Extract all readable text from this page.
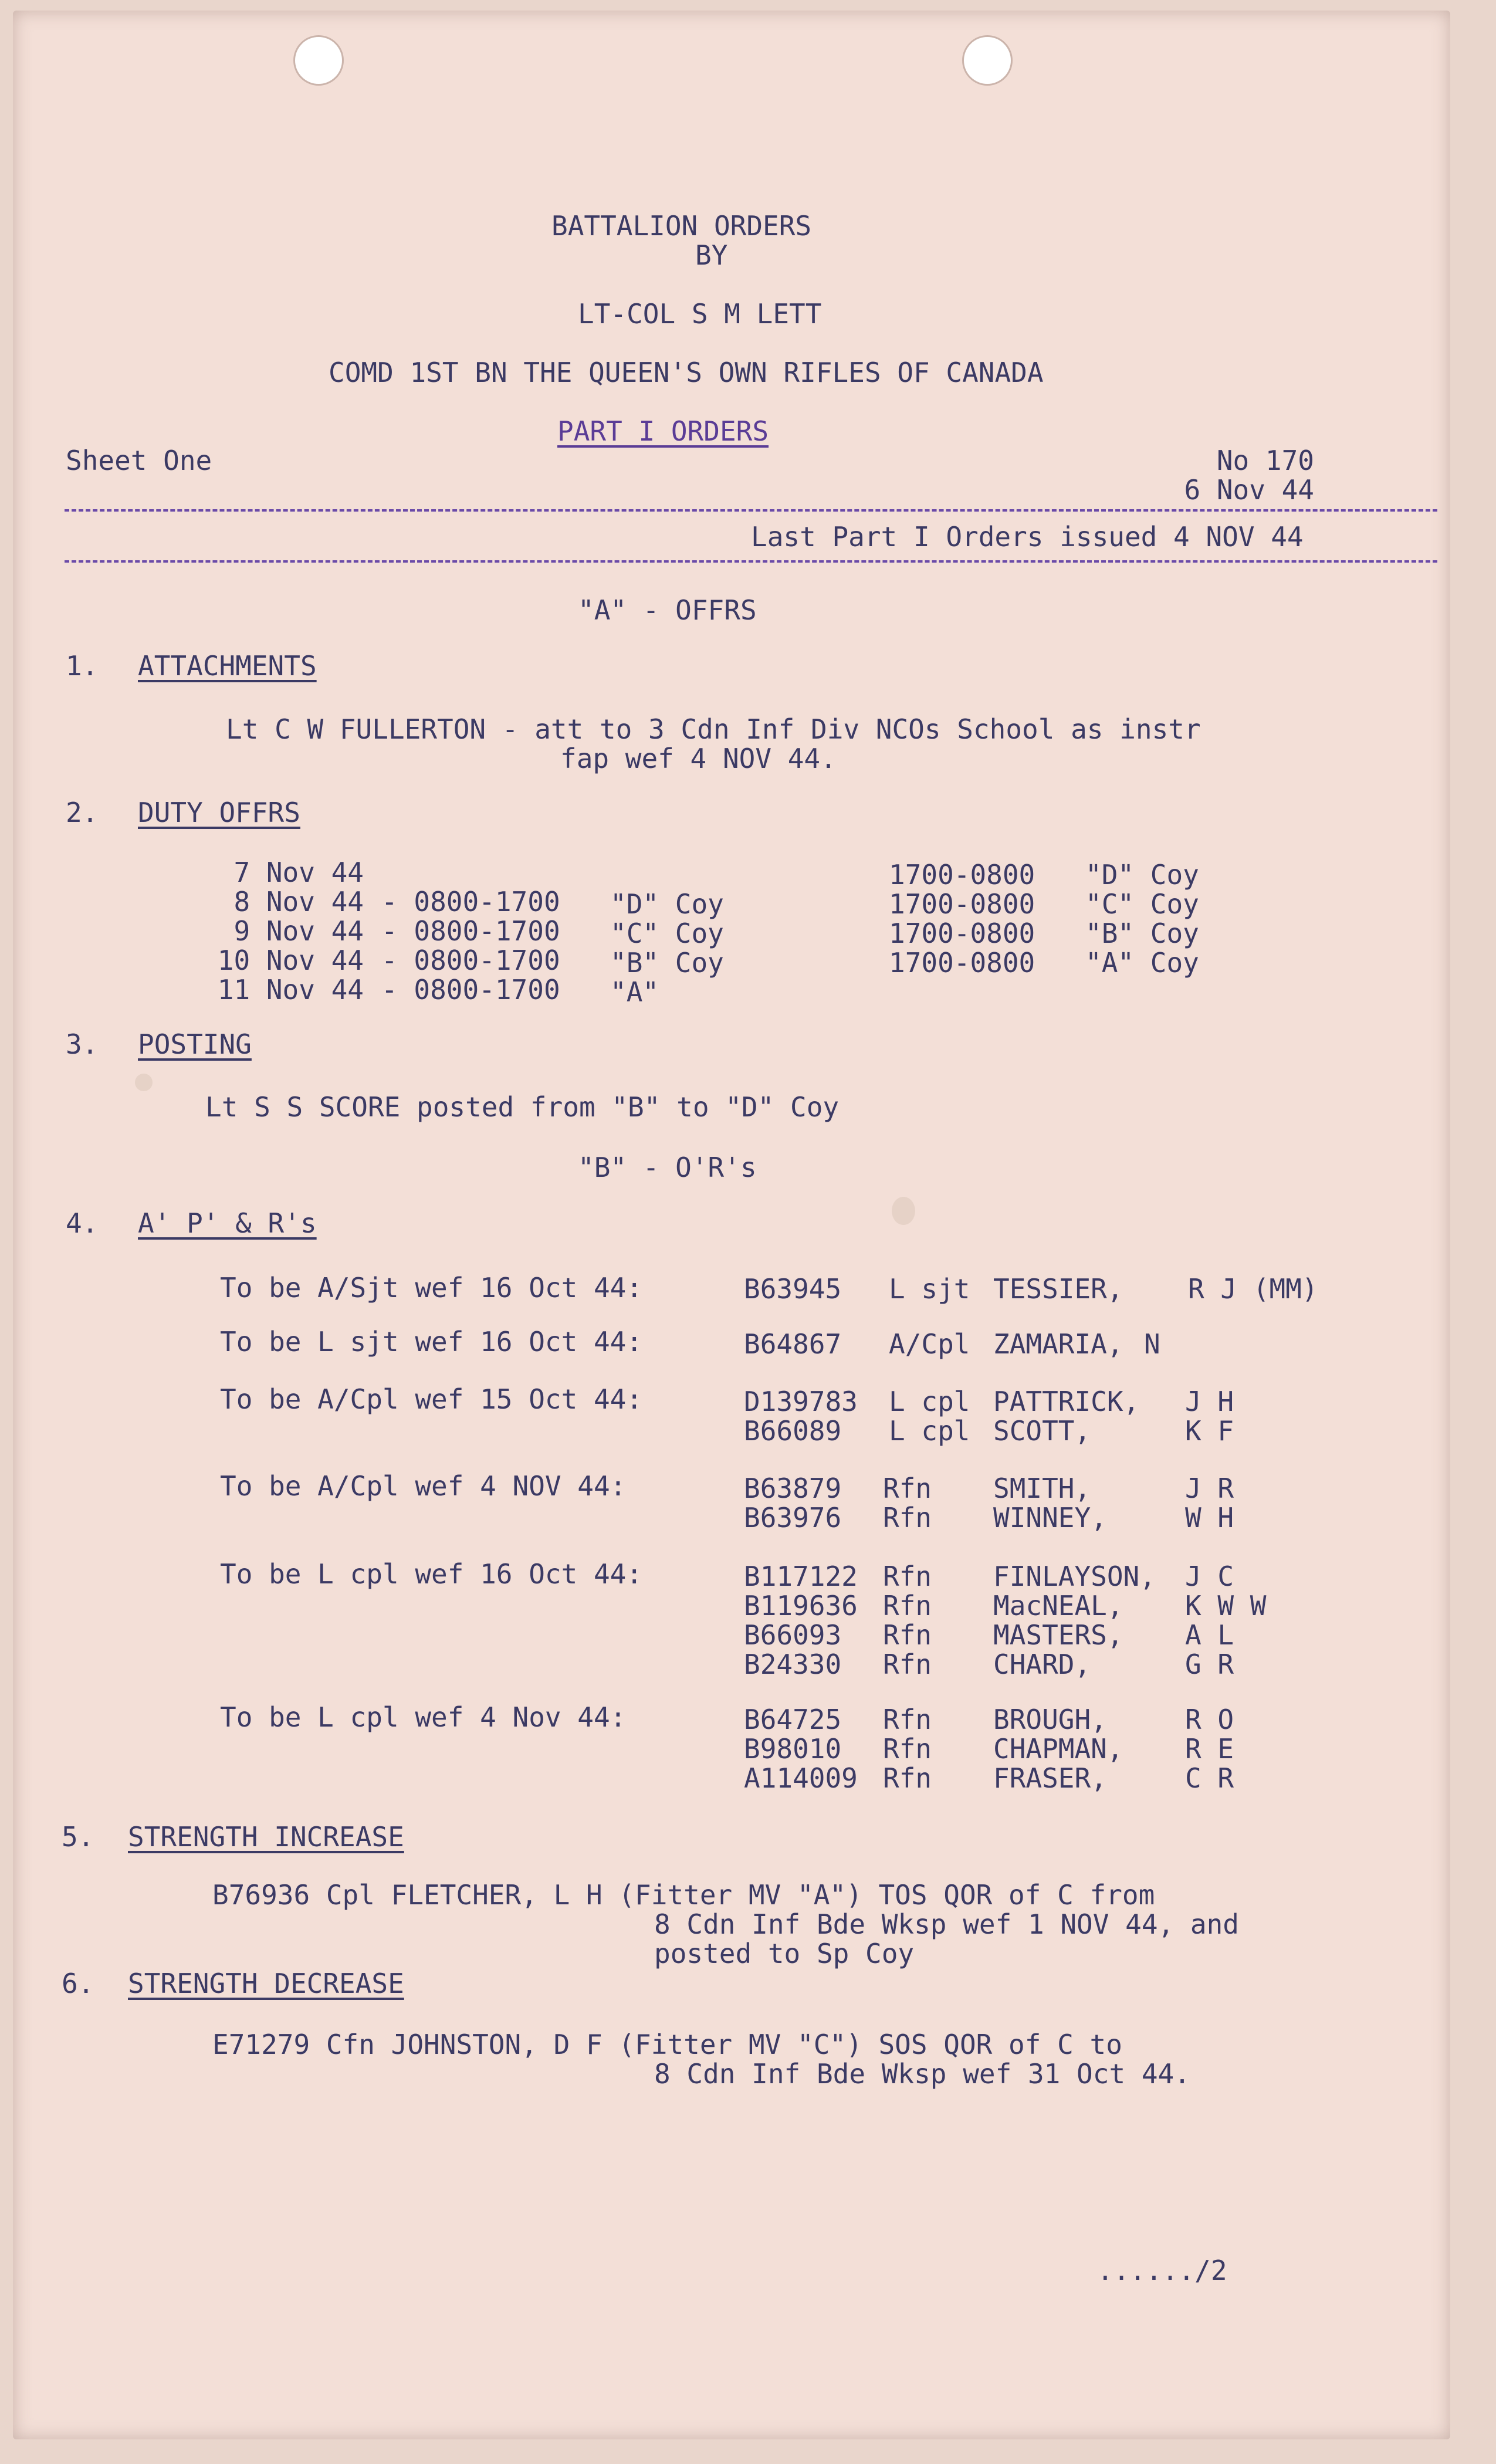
BATTALION ORDERS
BY
LT-COL S M LETT
COMD 1ST BN THE QUEEN'S OWN RIFLES OF CANADA
PART I ORDERS
Sheet One	No 170
6 Nov 44
Last Part I Orders issued 4 NOV 44
"A" - OFFRS
1. ATTACHMENTS
Lt C W FULLERTON - att to 3 Cdn Inf Div NCOs School as instr
fap wef 4 NOV 44.
2. DUTY OFFRS
7 Nov 44	1700-0800 "D" Coy
8 Nov 44 - 0800-1700 "D" Coy	1700-0800 "C" Coy
9 Nov 44 - 0800-1700 "C" Coy	1700-0800 "B" Coy
10 Nov 44 - 0800-1700 "B" Coy	1700-0800 "A" Coy
11 Nov 44 - 0800-1700 "A"
3. POSTING
Lt S S SCORE posted from "B" to "D" Coy
"B" - O'R's
4. A' P' & R's
To be A/Sjt wef 16 Oct 44:	B63945 L sjt TESSIER, R J (MM)
To be L sjt wef 16 Oct 44:	B64867 A/Cpl ZAMARIA, N
To be A/Cpl wef 15 Oct 44:	D139783 L cpl PATTRICK, J H
B66089 L cpl SCOTT,	K F
To be A/Cpl wef 4 NOV 44:	B63879 Rfn SMITH,	J R
B63976 Rfn WINNEY,	W H
To be L cpl wef 16 Oct 44:	B117122 Rfn FINLAYSON, J C
B119636 Rfn MacNEAL, K W W
B66093 Rfn MASTERS, A L
B24330 Rfn CHARD,	G R
To be L cpl wef 4 Nov 44:	B64725 Rfn BROUGH,	R O
B98010 Rfn CHAPMAN, R E
A114009 Rfn FRASER,	C R
5. STRENGTH INCREASE
B76936 Cpl FLETCHER, L H (Fitter MV "A") TOS QOR of C from
8 Cdn Inf Bde Wksp wef 1 NOV 44, and
posted to Sp Coy
6. STRENGTH DECREASE
E71279 Cfn JOHNSTON, D F (Fitter MV "C") SOS QOR of C to
8 Cdn Inf Bde Wksp wef 31 Oct 44.
....../2
